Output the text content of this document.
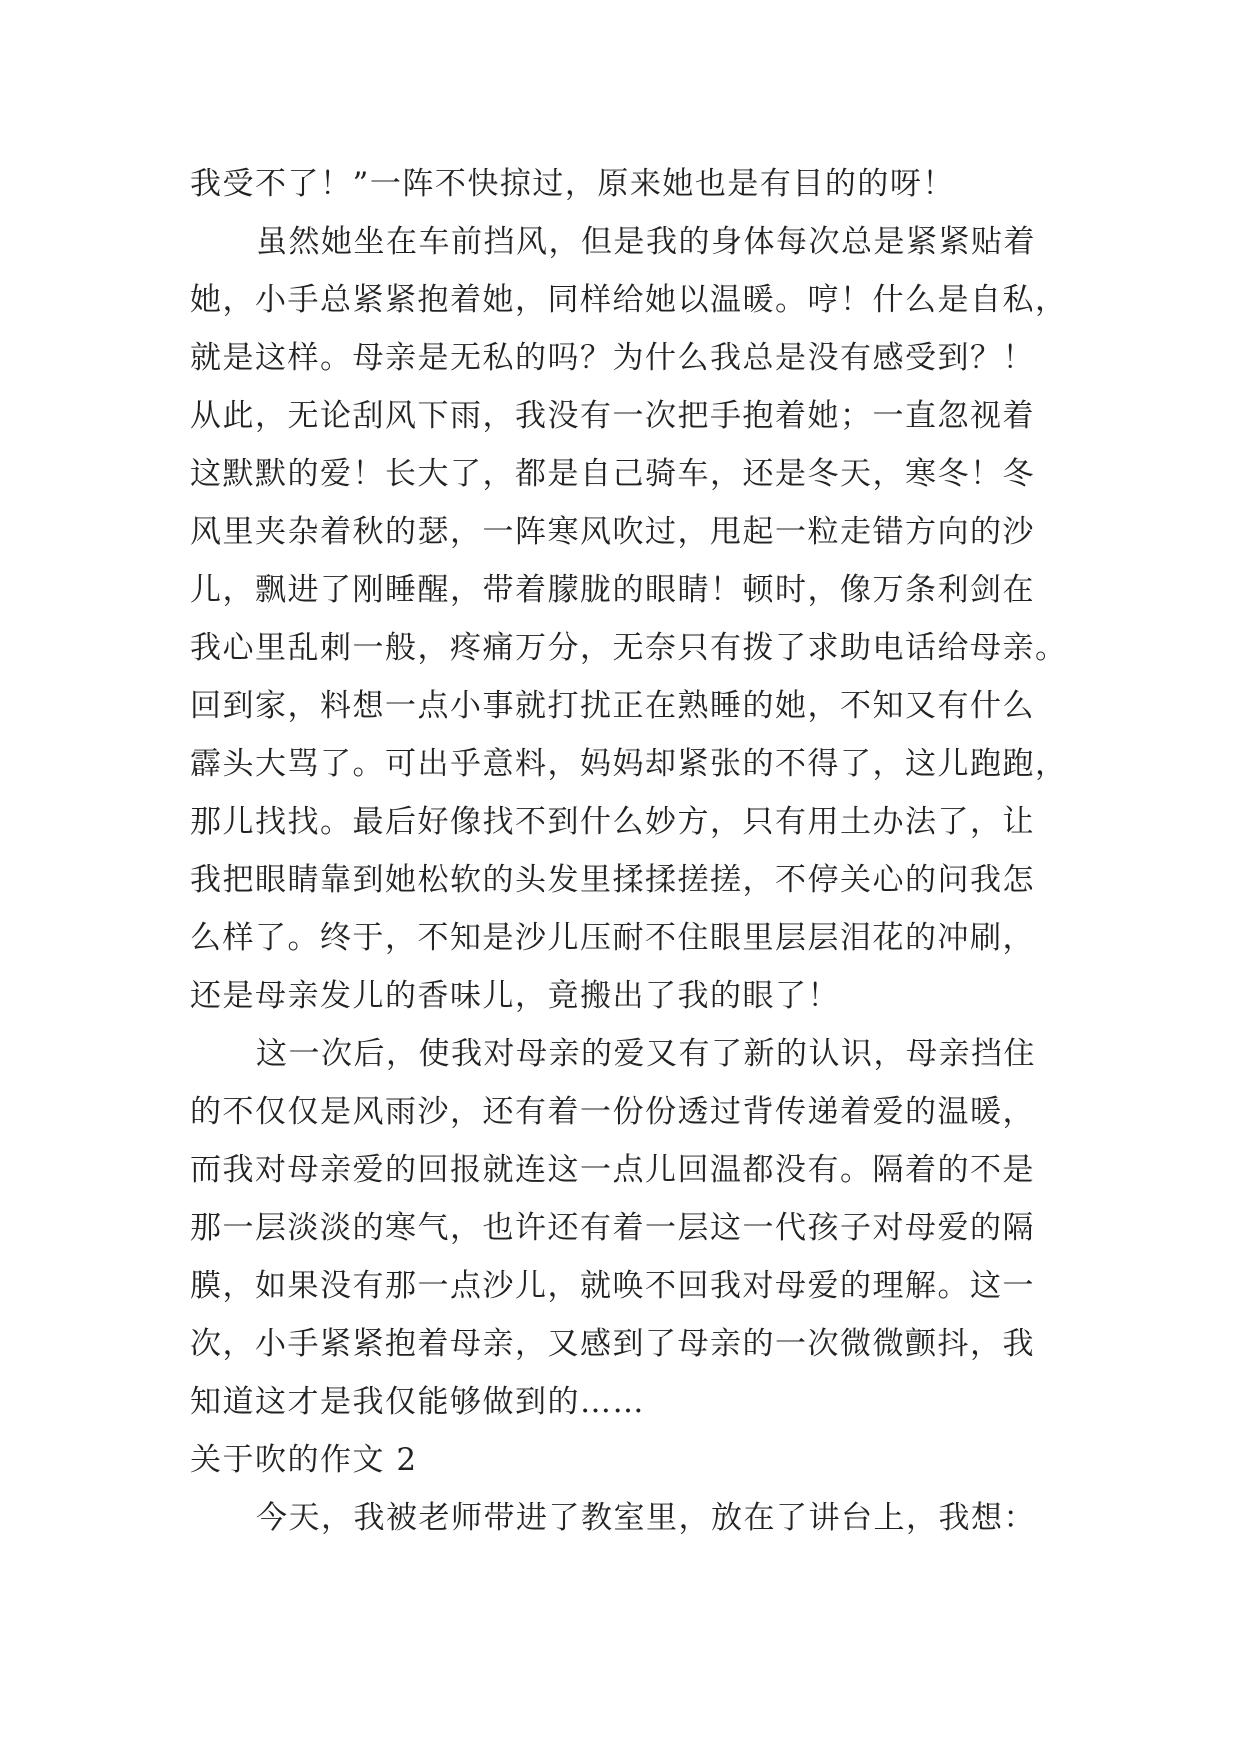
我受不了！”一阵不快掠过，原来她也是有目的的呀！
虽然她坐在车前挡风，但是我的身体每次总是紧紧贴着
她，小手总紧紧抱着她，同样给她以温暖。哼！什么是自私，
就是这样。母亲是无私的吗？为什么我总是没有感受到？！
从此，无论刮风下雨，我没有一次把手抱着她；一直忽视着
这默默的爱！长大了，都是自己骑车，还是冬天，寒冬！冬
风里夹杂着秋的瑟，一阵寒风吹过，甩起一粒走错方向的沙
儿，飘进了刚睡醒，带着朦胧的眼睛！顿时，像万条利剑在
我心里乱刺一般，疼痛万分，无奈只有拨了求助电话给母亲。
回到家，料想一点小事就打扰正在熟睡的她，不知又有什么
霹头大骂了。可出乎意料，妈妈却紧张的不得了，这儿跑跑，
那儿找找。最后好像找不到什么妙方，只有用土办法了，让
我把眼睛靠到她松软的头发里揉揉搓搓，不停关心的问我怎
么样了。终于，不知是沙儿压耐不住眼里层层泪花的冲刷，
还是母亲发儿的香味儿，竟搬出了我的眼了！
这一次后，使我对母亲的爱又有了新的认识，母亲挡住
的不仅仅是风雨沙，还有着一份份透过背传递着爱的温暖，
而我对母亲爱的回报就连这一点儿回温都没有。隔着的不是
那一层淡淡的寒气，也许还有着一层这一代孩子对母爱的隔
膜，如果没有那一点沙儿，就唤不回我对母爱的理解。这一
次，小手紧紧抱着母亲，又感到了母亲的一次微微颤抖，我
知道这才是我仅能够做到的……
关于吹的作文 2
今天，我被老师带进了教室里，放在了讲台上，我想：
